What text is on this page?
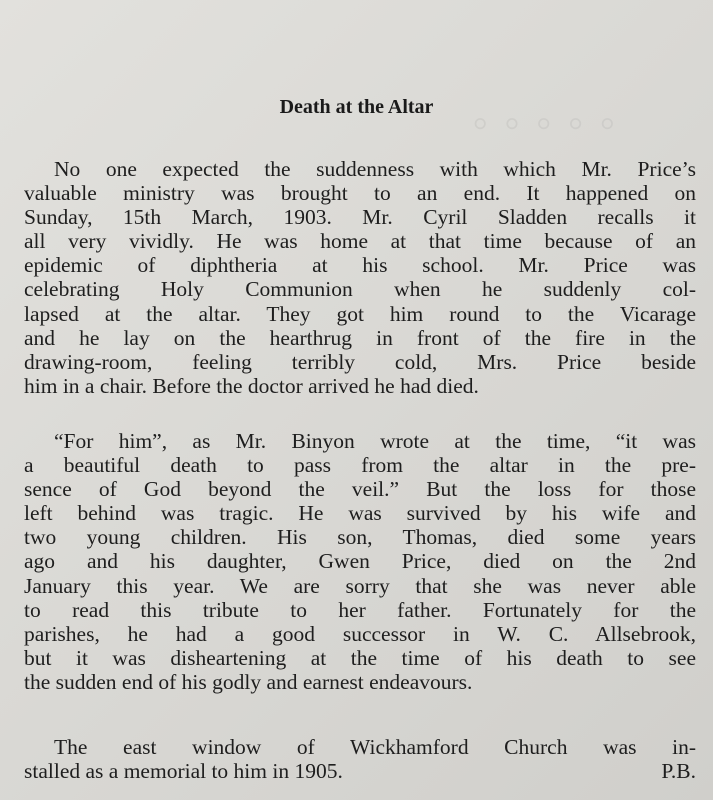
◦ ◦ ◦ ◦ ◦
Death at the Altar

No one expected the suddenness with which Mr. Price’s
valuable ministry was brought to an end. It happened on
Sunday, 15th March, 1903. Mr. Cyril Sladden recalls it
all very vividly. He was home at that time because of an
epidemic of diphtheria at his school. Mr. Price was
celebrating Holy Communion when he suddenly col-
lapsed at the altar. They got him round to the Vicarage
and he lay on the hearthrug in front of the fire in the
drawing-room, feeling terribly cold, Mrs. Price beside
him in a chair. Before the doctor arrived he had died.

“For him”, as Mr. Binyon wrote at the time, “it was
a beautiful death to pass from the altar in the pre-
sence of God beyond the veil.” But the loss for those
left behind was tragic. He was survived by his wife and
two young children. His son, Thomas, died some years
ago and his daughter, Gwen Price, died on the 2nd
January this year. We are sorry that she was never able
to read this tribute to her father. Fortunately for the
parishes, he had a good successor in W. C. Allsebrook,
but it was disheartening at the time of his death to see
the sudden end of his godly and earnest endeavours.

The east window of Wickhamford Church was in-
stalled as a memorial to him in 1905.	P.B.
